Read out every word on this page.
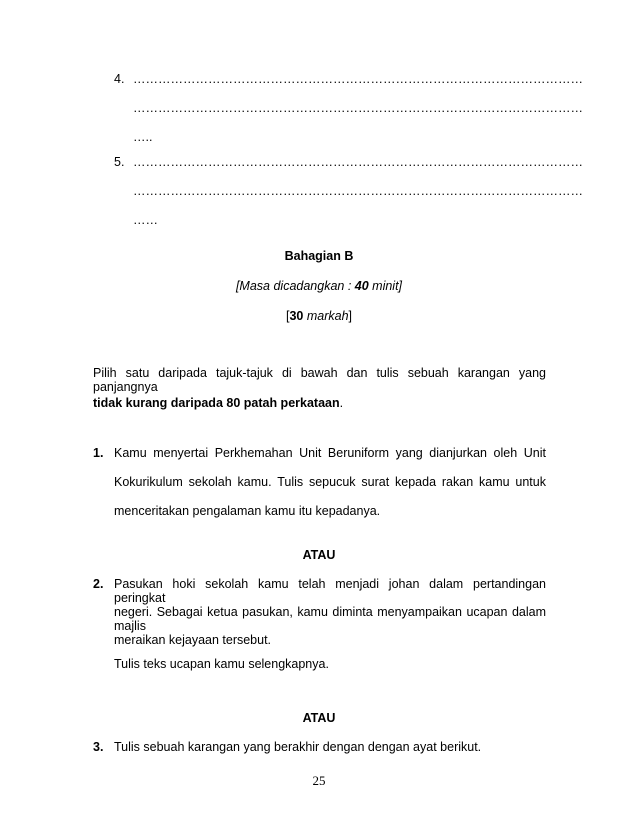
4. ………………………………………………………………………………………………
………………………………………………………………………………………………
…..
5. ………………………………………………………………………………………………
………………………………………………………………………………………………
……
Bahagian B
[Masa dicadangkan : 40 minit]
[30 markah]
Pilih satu daripada tajuk-tajuk di bawah dan tulis sebuah karangan yang panjangnya
tidak kurang daripada 80 patah perkataan.
1. Kamu menyertai Perkhemahan Unit Beruniform yang dianjurkan oleh Unit
Kokurikulum sekolah kamu. Tulis sepucuk surat kepada rakan kamu untuk
menceritakan pengalaman kamu itu kepadanya.
ATAU
2. Pasukan hoki sekolah kamu telah menjadi johan dalam pertandingan peringkat
negeri. Sebagai ketua pasukan, kamu diminta menyampaikan ucapan dalam majlis
meraikan kejayaan tersebut.
Tulis teks ucapan kamu selengkapnya.
ATAU
3. Tulis sebuah karangan yang berakhir dengan dengan ayat berikut.
25
